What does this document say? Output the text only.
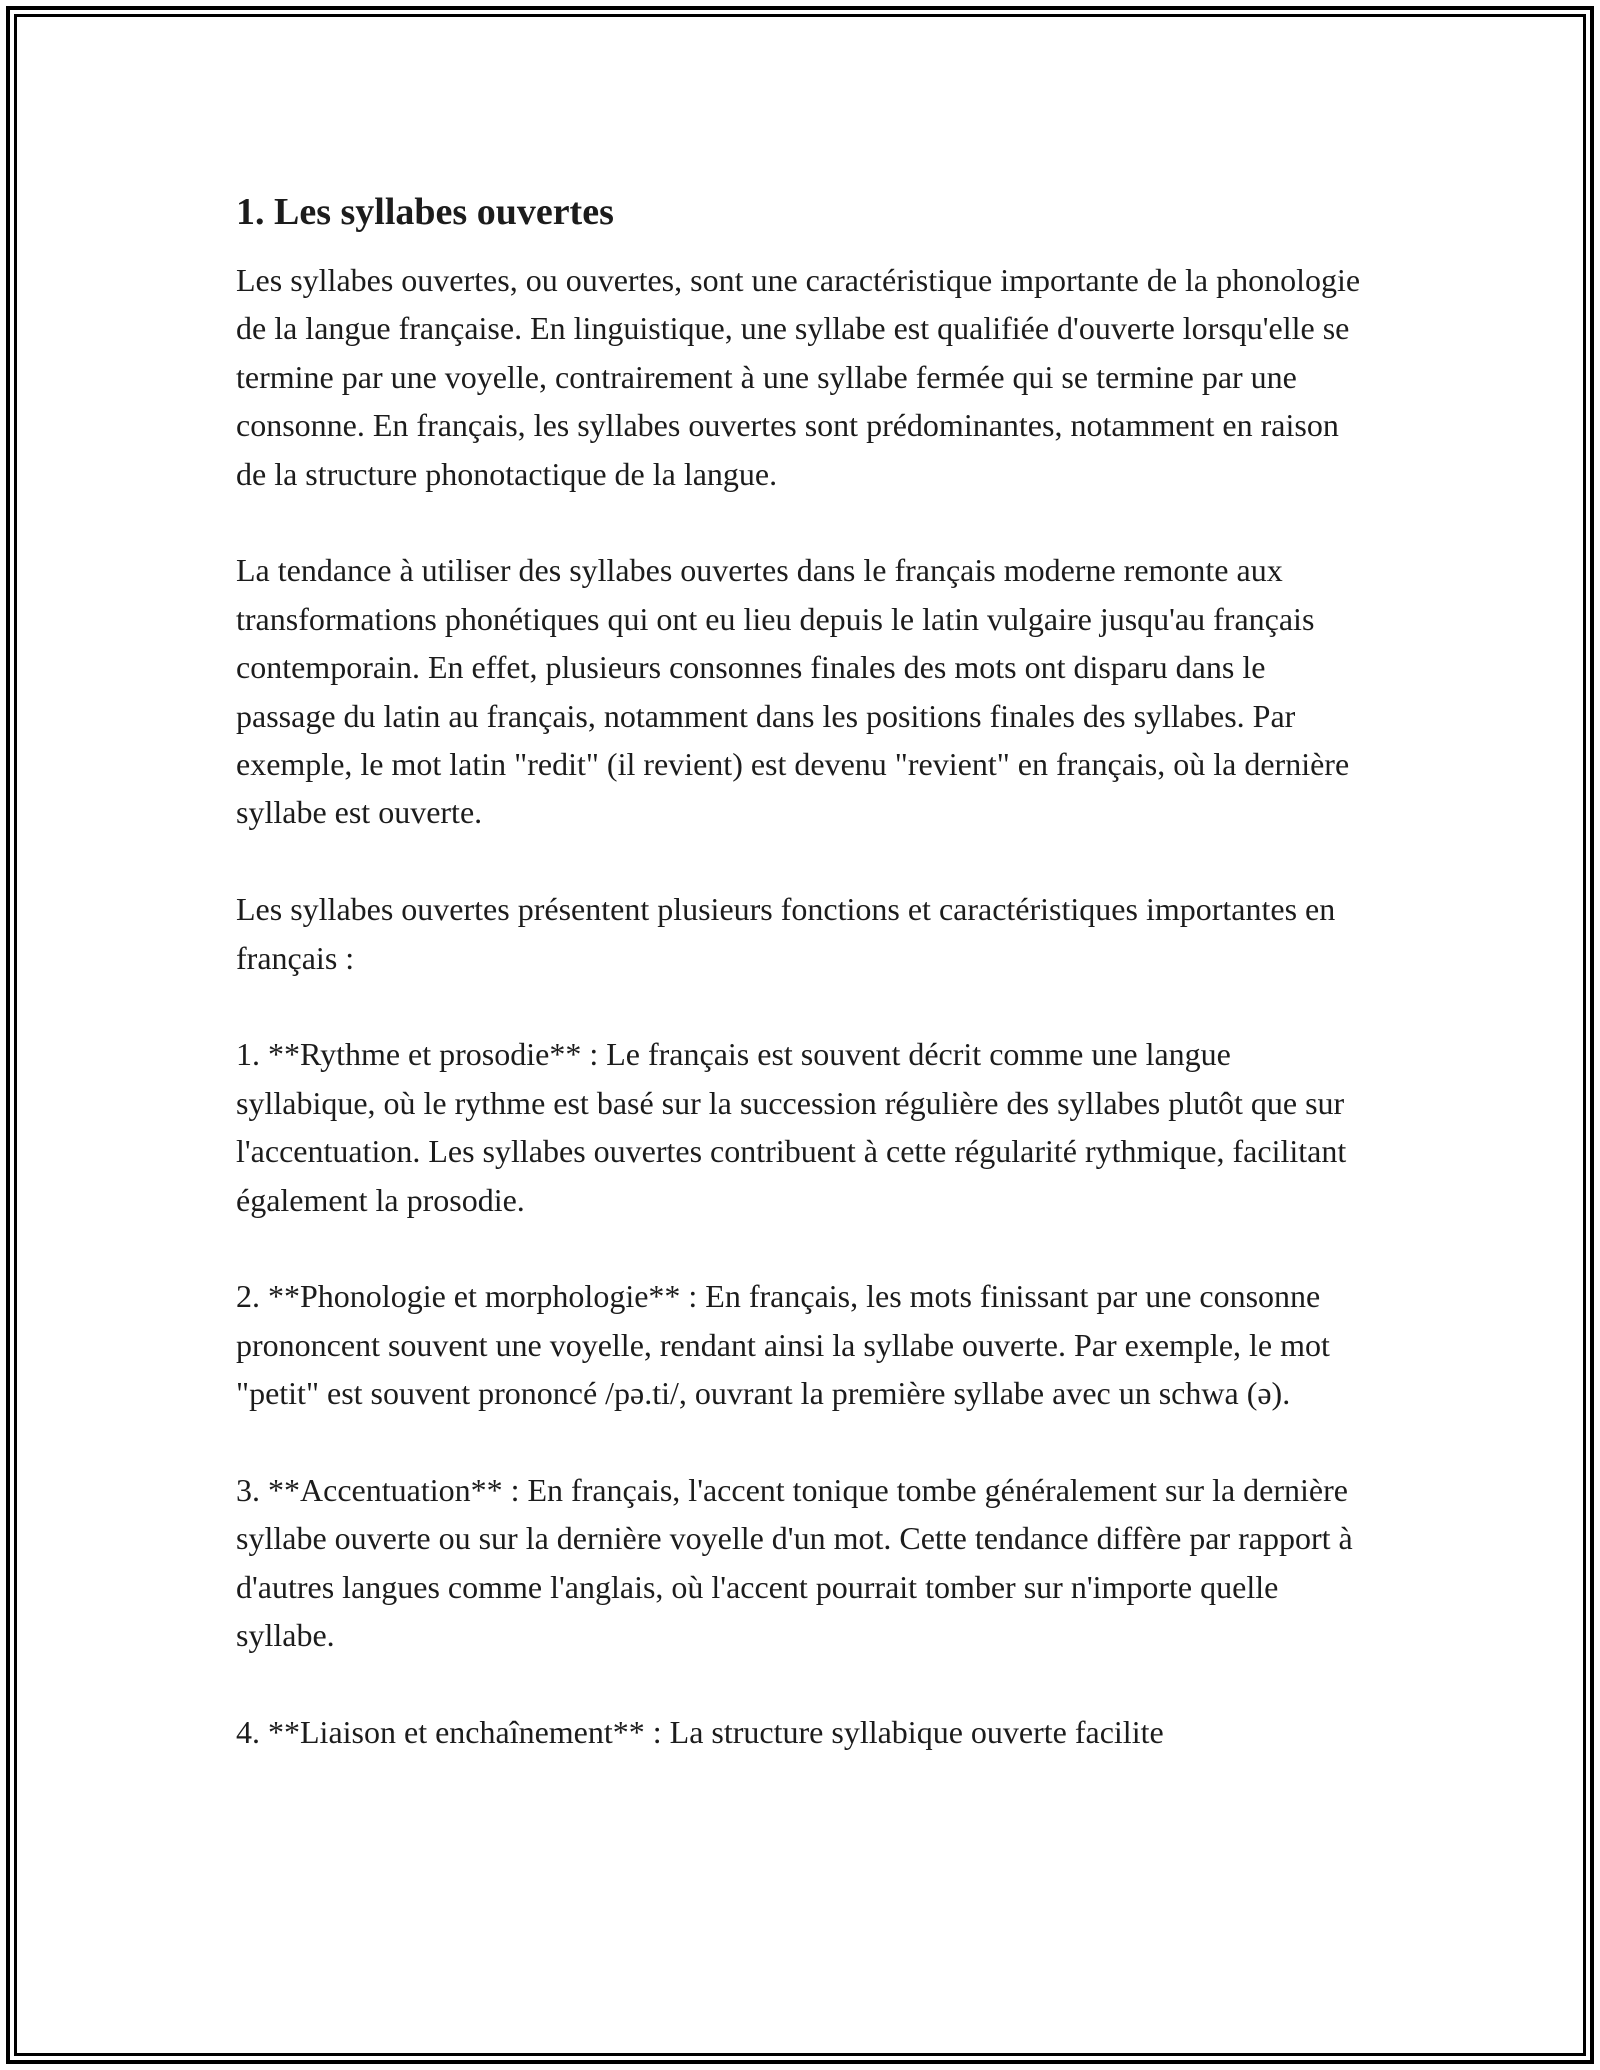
1. Les syllabes ouvertes

Les syllabes ouvertes, ou ouvertes, sont une caractéristique importante de la phonologie de la langue française. En linguistique, une syllabe est qualifiée d'ouverte lorsqu'elle se termine par une voyelle, contrairement à une syllabe fermée qui se termine par une consonne. En français, les syllabes ouvertes sont prédominantes, notamment en raison de la structure phonotactique de la langue.

La tendance à utiliser des syllabes ouvertes dans le français moderne remonte aux transformations phonétiques qui ont eu lieu depuis le latin vulgaire jusqu'au français contemporain. En effet, plusieurs consonnes finales des mots ont disparu dans le passage du latin au français, notamment dans les positions finales des syllabes. Par exemple, le mot latin "redit" (il revient) est devenu "revient" en français, où la dernière syllabe est ouverte.

Les syllabes ouvertes présentent plusieurs fonctions et caractéristiques importantes en français :

1. **Rythme et prosodie** : Le français est souvent décrit comme une langue syllabique, où le rythme est basé sur la succession régulière des syllabes plutôt que sur l'accentuation. Les syllabes ouvertes contribuent à cette régularité rythmique, facilitant également la prosodie.

2. **Phonologie et morphologie** : En français, les mots finissant par une consonne prononcent souvent une voyelle, rendant ainsi la syllabe ouverte. Par exemple, le mot "petit" est souvent prononcé /pə.ti/, ouvrant la première syllabe avec un schwa (ə).

3. **Accentuation** : En français, l'accent tonique tombe généralement sur la dernière syllabe ouverte ou sur la dernière voyelle d'un mot. Cette tendance diffère par rapport à d'autres langues comme l'anglais, où l'accent pourrait tomber sur n'importe quelle syllabe.

4. **Liaison et enchaînement** : La structure syllabique ouverte facilite
